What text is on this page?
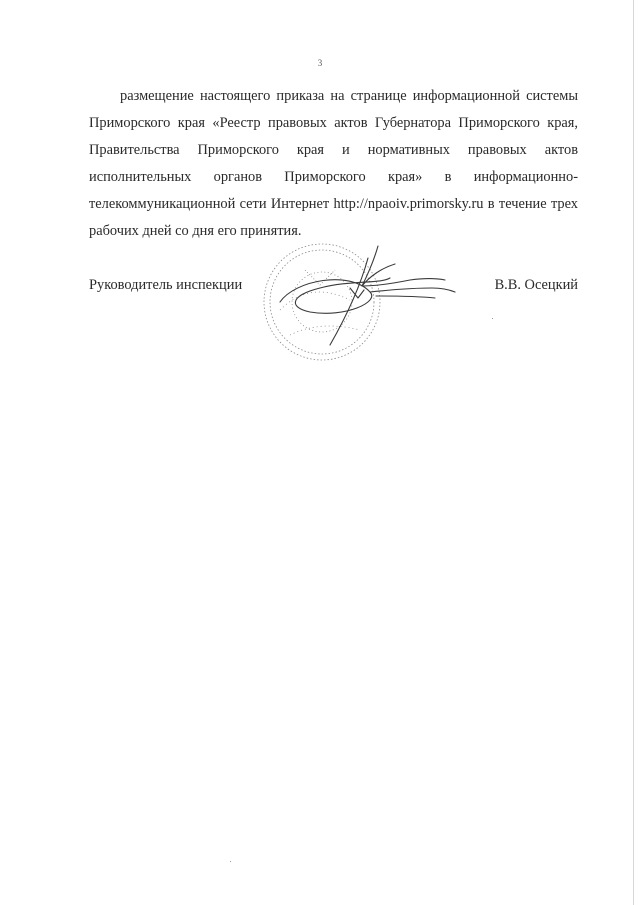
3
размещение настоящего приказа на странице информационной системы
Приморского края «Реестр правовых актов Губернатора Приморского края,
Правительства Приморского края и нормативных правовых актов
исполнительных органов Приморского края» в информационно-
телекоммуникационной сети Интернет http://npaoiv.primorsky.ru в течение трех
рабочих дней со дня его принятия.
Руководитель инспекции	В.В. Осецкий
